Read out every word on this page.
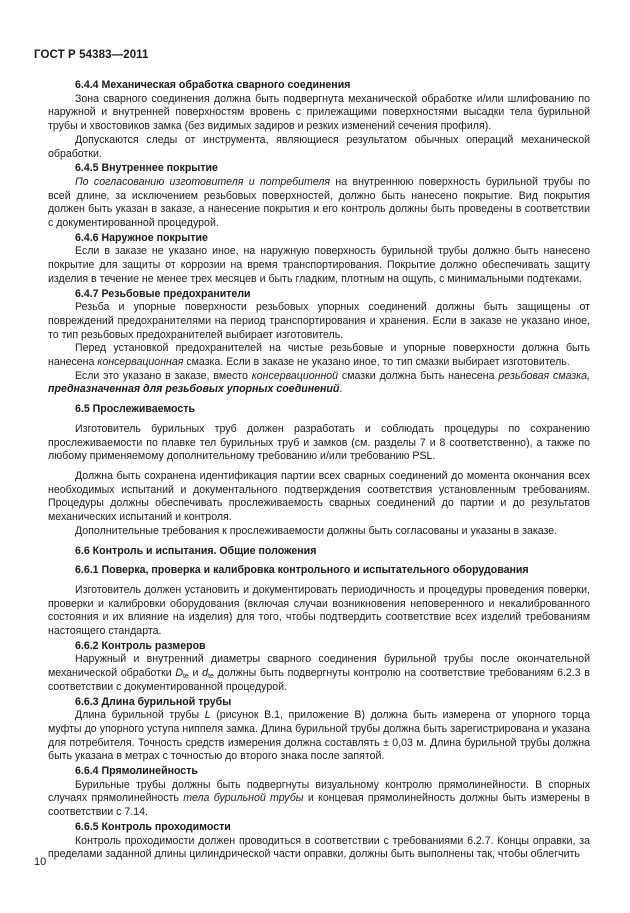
ГОСТ Р 54383—2011

6.4.4 Механическая обработка сварного соединения

Зона сварного соединения должна быть подвергнута механической обработке и/или шлифованию по наружной и внутренней поверхностям вровень с прилежащими поверхностями высадки тела бурильной трубы и хвостовиков замка (без видимых задиров и резких изменений сечения профиля).

Допускаются следы от инструмента, являющиеся результатом обычных операций механической обработки.

6.4.5 Внутреннее покрытие

По согласованию изготовителя и потребителя на внутреннюю поверхность бурильной трубы по всей длине, за исключением резьбовых поверхностей, должно быть нанесено покрытие. Вид покрытия должен быть указан в заказе, а нанесение покрытия и его контроль должны быть проведены в соответствии с документированной процедурой.

6.4.6 Наружное покрытие

Если в заказе не указано иное, на наружную поверхность бурильной трубы должно быть нанесено покрытие для защиты от коррозии на время транспортирования. Покрытие должно обеспечивать защиту изделия в течение не менее трех месяцев и быть гладким, плотным на ощупь, с минимальными подтеками.

6.4.7 Резьбовые предохранители

Резьба и упорные поверхности резьбовых упорных соединений должны быть защищены от повреждений предохранителями на период транспортирования и хранения. Если в заказе не указано иное, то тип резьбовых предохранителей выбирает изготовитель.

Перед установкой предохранителей на чистые резьбовые и упорные поверхности должна быть нанесена консервационная смазка. Если в заказе не указано иное, то тип смазки выбирает изготовитель.

Если это указано в заказе, вместо консервационной смазки должна быть нанесена резьбовая смазка, предназначенная для резьбовых упорных соединений.

6.5 Прослеживаемость

Изготовитель бурильных труб должен разработать и соблюдать процедуры по сохранению прослеживаемости по плавке тел бурильных труб и замков (см. разделы 7 и 8 соответственно), а также по любому применяемому дополнительному требованию и/или требованию PSL.

Должна быть сохранена идентификация партии всех сварных соединений до момента окончания всех необходимых испытаний и документального подтверждения соответствия установленным требованиям. Процедуры должны обеспечивать прослеживаемость сварных соединений до партии и до результатов механических испытаний и контроля.

Дополнительные требования к прослеживаемости должны быть согласованы и указаны в заказе.

6.6 Контроль и испытания. Общие положения

6.6.1 Поверка, проверка и калибровка контрольного и испытательного оборудования

Изготовитель должен установить и документировать периодичность и процедуры проведения поверки, проверки и калибровки оборудования (включая случаи возникновения неповеренного и некалиброванного состояния и их влияние на изделия) для того, чтобы подтвердить соответствие всех изделий требованиям настоящего стандарта.

6.6.2 Контроль размеров

Наружный и внутренний диаметры сварного соединения бурильной трубы после окончательной механической обработки $D_{te}$ и $d_{te}$ должны быть подвергнуты контролю на соответствие требованиям 6.2.3 в соответствии с документированной процедурой.

6.6.3 Длина бурильной трубы

Длина бурильной трубы L (рисунок В.1, приложение В) должна быть измерена от упорного торца муфты до упорного уступа ниппеля замка. Длина бурильной трубы должна быть зарегистрирована и указана для потребителя. Точность средств измерения должна составлять ± 0,03 м. Длина бурильной трубы должна быть указана в метрах с точностью до второго знака после запятой.

6.6.4 Прямолинейность

Бурильные трубы должны быть подвергнуты визуальному контролю прямолинейности. В спорных случаях прямолинейность тела бурильной трубы и концевая прямолинейность должны быть измерены в соответствии с 7.14.

6.6.5 Контроль проходимости

Контроль проходимости должен проводиться в соответствии с требованиями 6.2.7. Концы оправки, за пределами заданной длины цилиндрической части оправки, должны быть выполнены так, чтобы облегчить

10
